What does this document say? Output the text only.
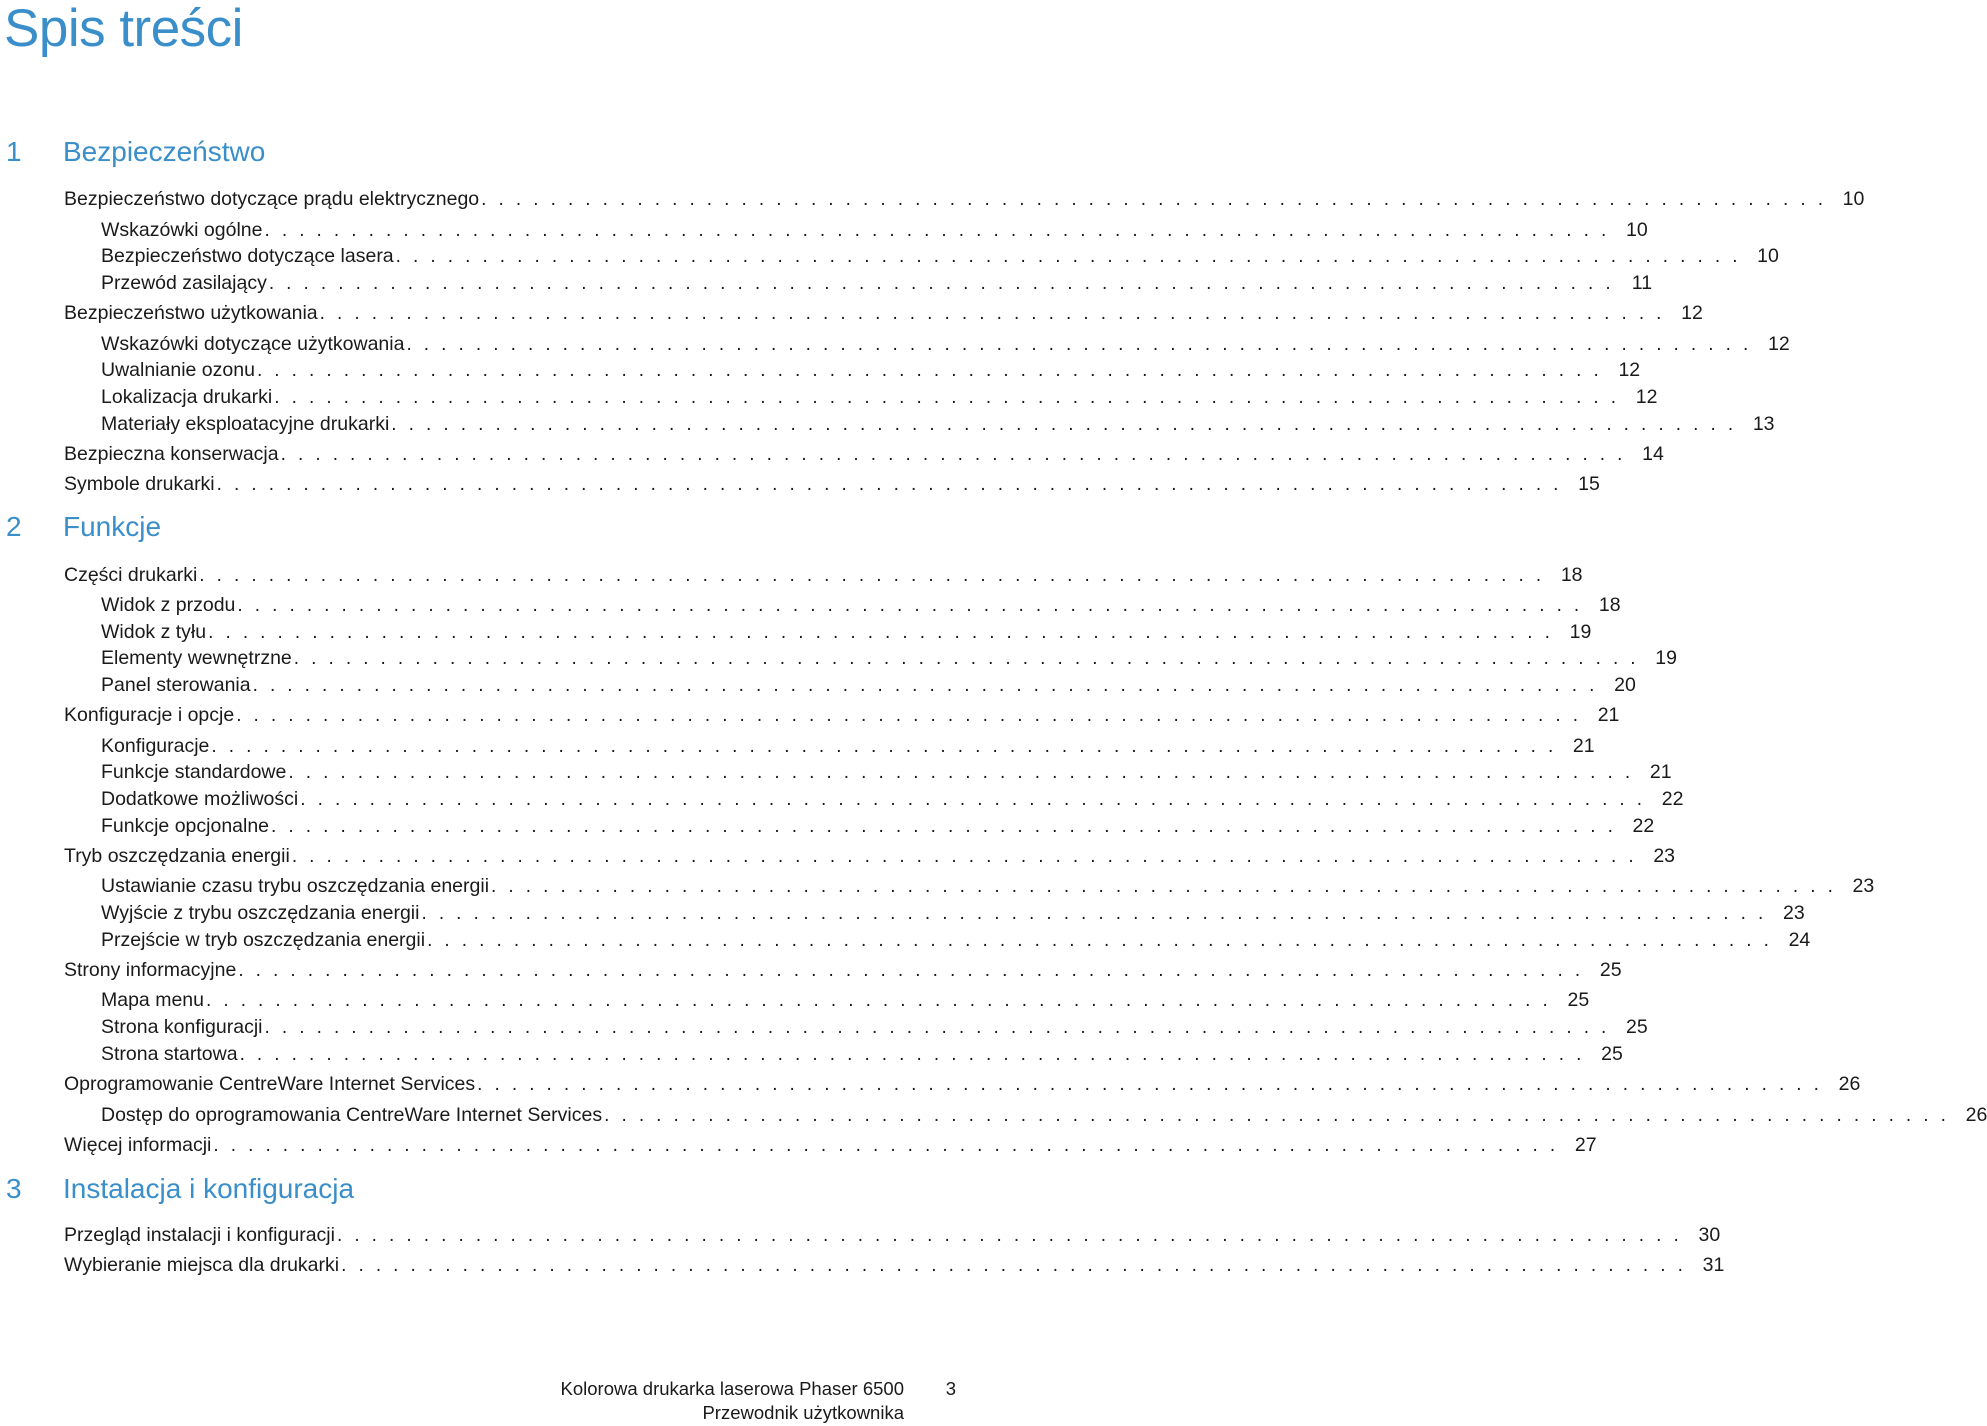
Spis treści
1 Bezpieczeństwo
Bezpieczeństwo dotyczące prądu elektrycznego . . . . . . . . . . . . . . . . . . . . . . . . . . . . . . . . . . . . . . . . . . . . . . . . . . . . . . . . . . . . . . . . . . . . . . . . . . . . . . 10
Wskazówki ogólne . . . . . . . . . . . . . . . . . . . . . . . . . . . . . . . . . . . . . . . . . . . . . . . . . . . . . . . . . . . . . . . . . . . . . . . . . . . . . . 10
Bezpieczeństwo dotyczące lasera . . . . . . . . . . . . . . . . . . . . . . . . . . . . . . . . . . . . . . . . . . . . . . . . . . . . . . . . . . . . . . . . . . . . . . . . . . . . . . 10
Przewód zasilający . . . . . . . . . . . . . . . . . . . . . . . . . . . . . . . . . . . . . . . . . . . . . . . . . . . . . . . . . . . . . . . . . . . . . . . . . . . . . . 11
Bezpieczeństwo użytkowania . . . . . . . . . . . . . . . . . . . . . . . . . . . . . . . . . . . . . . . . . . . . . . . . . . . . . . . . . . . . . . . . . . . . . . . . . . . . . . 12
Wskazówki dotyczące użytkowania . . . . . . . . . . . . . . . . . . . . . . . . . . . . . . . . . . . . . . . . . . . . . . . . . . . . . . . . . . . . . . . . . . . . . . . . . . . . . . 12
Uwalnianie ozonu . . . . . . . . . . . . . . . . . . . . . . . . . . . . . . . . . . . . . . . . . . . . . . . . . . . . . . . . . . . . . . . . . . . . . . . . . . . . . . 12
Lokalizacja drukarki . . . . . . . . . . . . . . . . . . . . . . . . . . . . . . . . . . . . . . . . . . . . . . . . . . . . . . . . . . . . . . . . . . . . . . . . . . . . . . 12
Materiały eksploatacyjne drukarki . . . . . . . . . . . . . . . . . . . . . . . . . . . . . . . . . . . . . . . . . . . . . . . . . . . . . . . . . . . . . . . . . . . . . . . . . . . . . . 13
Bezpieczna konserwacja . . . . . . . . . . . . . . . . . . . . . . . . . . . . . . . . . . . . . . . . . . . . . . . . . . . . . . . . . . . . . . . . . . . . . . . . . . . . . . 14
Symbole drukarki . . . . . . . . . . . . . . . . . . . . . . . . . . . . . . . . . . . . . . . . . . . . . . . . . . . . . . . . . . . . . . . . . . . . . . . . . . . . . . 15
2 Funkcje
Części drukarki . . . . . . . . . . . . . . . . . . . . . . . . . . . . . . . . . . . . . . . . . . . . . . . . . . . . . . . . . . . . . . . . . . . . . . . . . . . . . . 18
Widok z przodu . . . . . . . . . . . . . . . . . . . . . . . . . . . . . . . . . . . . . . . . . . . . . . . . . . . . . . . . . . . . . . . . . . . . . . . . . . . . . . 18
Widok z tyłu . . . . . . . . . . . . . . . . . . . . . . . . . . . . . . . . . . . . . . . . . . . . . . . . . . . . . . . . . . . . . . . . . . . . . . . . . . . . . . 19
Elementy wewnętrzne . . . . . . . . . . . . . . . . . . . . . . . . . . . . . . . . . . . . . . . . . . . . . . . . . . . . . . . . . . . . . . . . . . . . . . . . . . . . . . 19
Panel sterowania . . . . . . . . . . . . . . . . . . . . . . . . . . . . . . . . . . . . . . . . . . . . . . . . . . . . . . . . . . . . . . . . . . . . . . . . . . . . . . 20
Konfiguracje i opcje . . . . . . . . . . . . . . . . . . . . . . . . . . . . . . . . . . . . . . . . . . . . . . . . . . . . . . . . . . . . . . . . . . . . . . . . . . . . . . 21
Konfiguracje . . . . . . . . . . . . . . . . . . . . . . . . . . . . . . . . . . . . . . . . . . . . . . . . . . . . . . . . . . . . . . . . . . . . . . . . . . . . . . 21
Funkcje standardowe . . . . . . . . . . . . . . . . . . . . . . . . . . . . . . . . . . . . . . . . . . . . . . . . . . . . . . . . . . . . . . . . . . . . . . . . . . . . . . 21
Dodatkowe możliwości . . . . . . . . . . . . . . . . . . . . . . . . . . . . . . . . . . . . . . . . . . . . . . . . . . . . . . . . . . . . . . . . . . . . . . . . . . . . . . 22
Funkcje opcjonalne . . . . . . . . . . . . . . . . . . . . . . . . . . . . . . . . . . . . . . . . . . . . . . . . . . . . . . . . . . . . . . . . . . . . . . . . . . . . . . 22
Tryb oszczędzania energii . . . . . . . . . . . . . . . . . . . . . . . . . . . . . . . . . . . . . . . . . . . . . . . . . . . . . . . . . . . . . . . . . . . . . . . . . . . . . . 23
Ustawianie czasu trybu oszczędzania energii . . . . . . . . . . . . . . . . . . . . . . . . . . . . . . . . . . . . . . . . . . . . . . . . . . . . . . . . . . . . . . . . . . . . . . . . . . . . . . 23
Wyjście z trybu oszczędzania energii . . . . . . . . . . . . . . . . . . . . . . . . . . . . . . . . . . . . . . . . . . . . . . . . . . . . . . . . . . . . . . . . . . . . . . . . . . . . . . 23
Przejście w tryb oszczędzania energii . . . . . . . . . . . . . . . . . . . . . . . . . . . . . . . . . . . . . . . . . . . . . . . . . . . . . . . . . . . . . . . . . . . . . . . . . . . . . . 24
Strony informacyjne . . . . . . . . . . . . . . . . . . . . . . . . . . . . . . . . . . . . . . . . . . . . . . . . . . . . . . . . . . . . . . . . . . . . . . . . . . . . . . 25
Mapa menu . . . . . . . . . . . . . . . . . . . . . . . . . . . . . . . . . . . . . . . . . . . . . . . . . . . . . . . . . . . . . . . . . . . . . . . . . . . . . . 25
Strona konfiguracji . . . . . . . . . . . . . . . . . . . . . . . . . . . . . . . . . . . . . . . . . . . . . . . . . . . . . . . . . . . . . . . . . . . . . . . . . . . . . . 25
Strona startowa . . . . . . . . . . . . . . . . . . . . . . . . . . . . . . . . . . . . . . . . . . . . . . . . . . . . . . . . . . . . . . . . . . . . . . . . . . . . . . 25
Oprogramowanie CentreWare Internet Services . . . . . . . . . . . . . . . . . . . . . . . . . . . . . . . . . . . . . . . . . . . . . . . . . . . . . . . . . . . . . . . . . . . . . . . . . . . . . . 26
Dostęp do oprogramowania CentreWare Internet Services . . . . . . . . . . . . . . . . . . . . . . . . . . . . . . . . . . . . . . . . . . . . . . . . . . . . . . . . . . . . . . . . . . . . . . . . . . . . . . 26
Więcej informacji . . . . . . . . . . . . . . . . . . . . . . . . . . . . . . . . . . . . . . . . . . . . . . . . . . . . . . . . . . . . . . . . . . . . . . . . . . . . . . 27
3 Instalacja i konfiguracja
Przegląd instalacji i konfiguracji . . . . . . . . . . . . . . . . . . . . . . . . . . . . . . . . . . . . . . . . . . . . . . . . . . . . . . . . . . . . . . . . . . . . . . . . . . . . . . 30
Wybieranie miejsca dla drukarki . . . . . . . . . . . . . . . . . . . . . . . . . . . . . . . . . . . . . . . . . . . . . . . . . . . . . . . . . . . . . . . . . . . . . . . . . . . . . . 31
Kolorowa drukarka laserowa Phaser 6500
Przewodnik użytkownika
3
